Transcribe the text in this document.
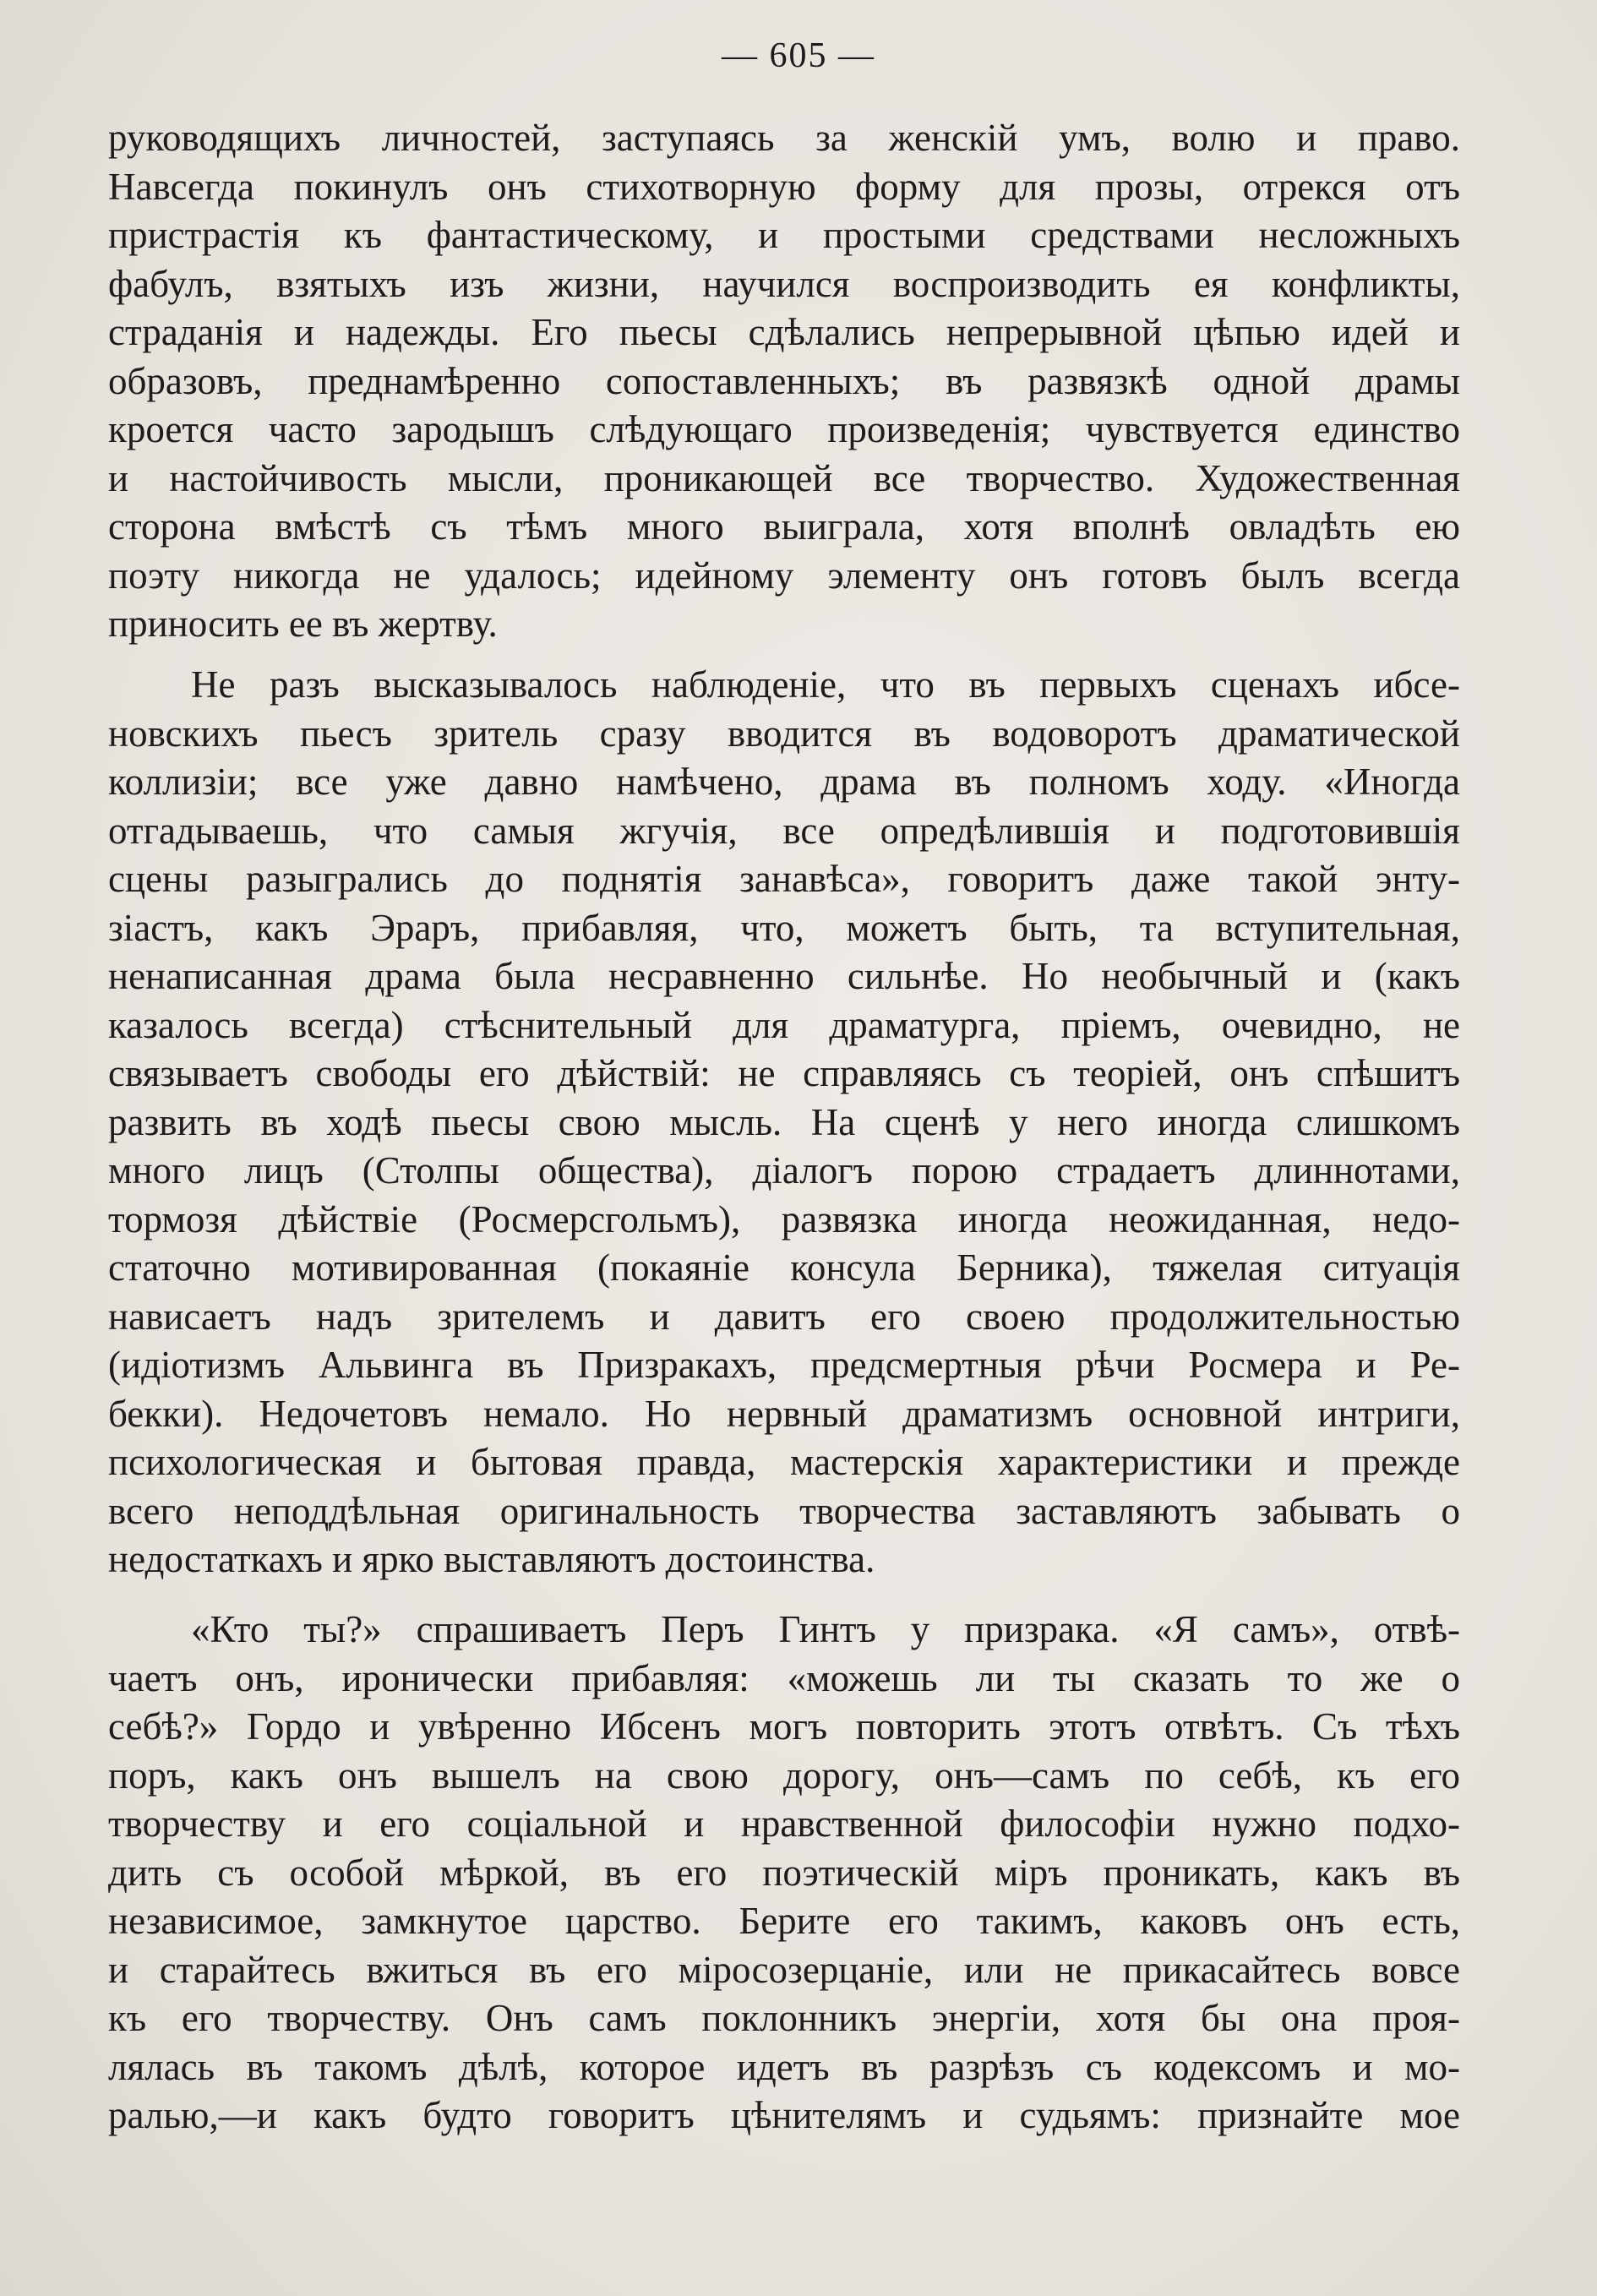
— 605 —
руководящихъ личностей, заступаясь за женскій умъ, волю и право.
Навсегда покинулъ онъ стихотворную форму для прозы, отрекся отъ
пристрастія къ фантастическому, и простыми средствами несложныхъ
фабулъ, взятыхъ изъ жизни, научился воспроизводить ея конфликты,
страданія и надежды. Его пьесы сдѣлались непрерывной цѣпью идей и
образовъ, преднамѣренно сопоставленныхъ; въ развязкѣ одной драмы
кроется часто зародышъ слѣдующаго произведенія; чувствуется единство
и настойчивость мысли, проникающей все творчество. Художественная
сторона вмѣстѣ съ тѣмъ много выиграла, хотя вполнѣ овладѣть ею
поэту никогда не удалось; идейному элементу онъ готовъ былъ всегда
приносить ее въ жертву.
Не разъ высказывалось наблюденіе, что въ первыхъ сценахъ ибсе-
новскихъ пьесъ зритель сразу вводится въ водоворотъ драматической
коллизіи; все уже давно намѣчено, драма въ полномъ ходу. «Иногда
отгадываешь, что самыя жгучія, все опредѣлившія и подготовившія
сцены разыгрались до поднятія занавѣса», говоритъ даже такой энту-
зіастъ, какъ Эраръ, прибавляя, что, можетъ быть, та вступительная,
ненаписанная драма была несравненно сильнѣе. Но необычный и (какъ
казалось всегда) стѣснительный для драматурга, пріемъ, очевидно, не
связываетъ свободы его дѣйствій: не справляясь съ теоріей, онъ спѣшитъ
развить въ ходѣ пьесы свою мысль. На сценѣ у него иногда слишкомъ
много лицъ (Столпы общества), діалогъ порою страдаетъ длиннотами,
тормозя дѣйствіе (Росмерсгольмъ), развязка иногда неожиданная, недо-
статочно мотивированная (покаяніе консула Берника), тяжелая ситуація
нависаетъ надъ зрителемъ и давитъ его своею продолжительностью
(идіотизмъ Альвинга въ Призракахъ, предсмертныя рѣчи Росмера и Ре-
бекки). Недочетовъ немало. Но нервный драматизмъ основной интриги,
психологическая и бытовая правда, мастерскія характеристики и прежде
всего неподдѣльная оригинальность творчества заставляютъ забывать о
недостаткахъ и ярко выставляютъ достоинства.
«Кто ты?» спрашиваетъ Перъ Гинтъ у призрака. «Я самъ», отвѣ-
чаетъ онъ, иронически прибавляя: «можешь ли ты сказать то же о
себѣ?» Гордо и увѣренно Ибсенъ могъ повторить этотъ отвѣтъ. Съ тѣхъ
поръ, какъ онъ вышелъ на свою дорогу, онъ—самъ по себѣ, къ его
творчеству и его соціальной и нравственной философіи нужно подхо-
дить съ особой мѣркой, въ его поэтическій міръ проникать, какъ въ
независимое, замкнутое царство. Берите его такимъ, каковъ онъ есть,
и старайтесь вжиться въ его міросозерцаніе, или не прикасайтесь вовсе
къ его творчеству. Онъ самъ поклонникъ энергіи, хотя бы она проя-
лялась въ такомъ дѣлѣ, которое идетъ въ разрѣзъ съ кодексомъ и мо-
ралью,—и какъ будто говоритъ цѣнителямъ и судьямъ: признайте мое
